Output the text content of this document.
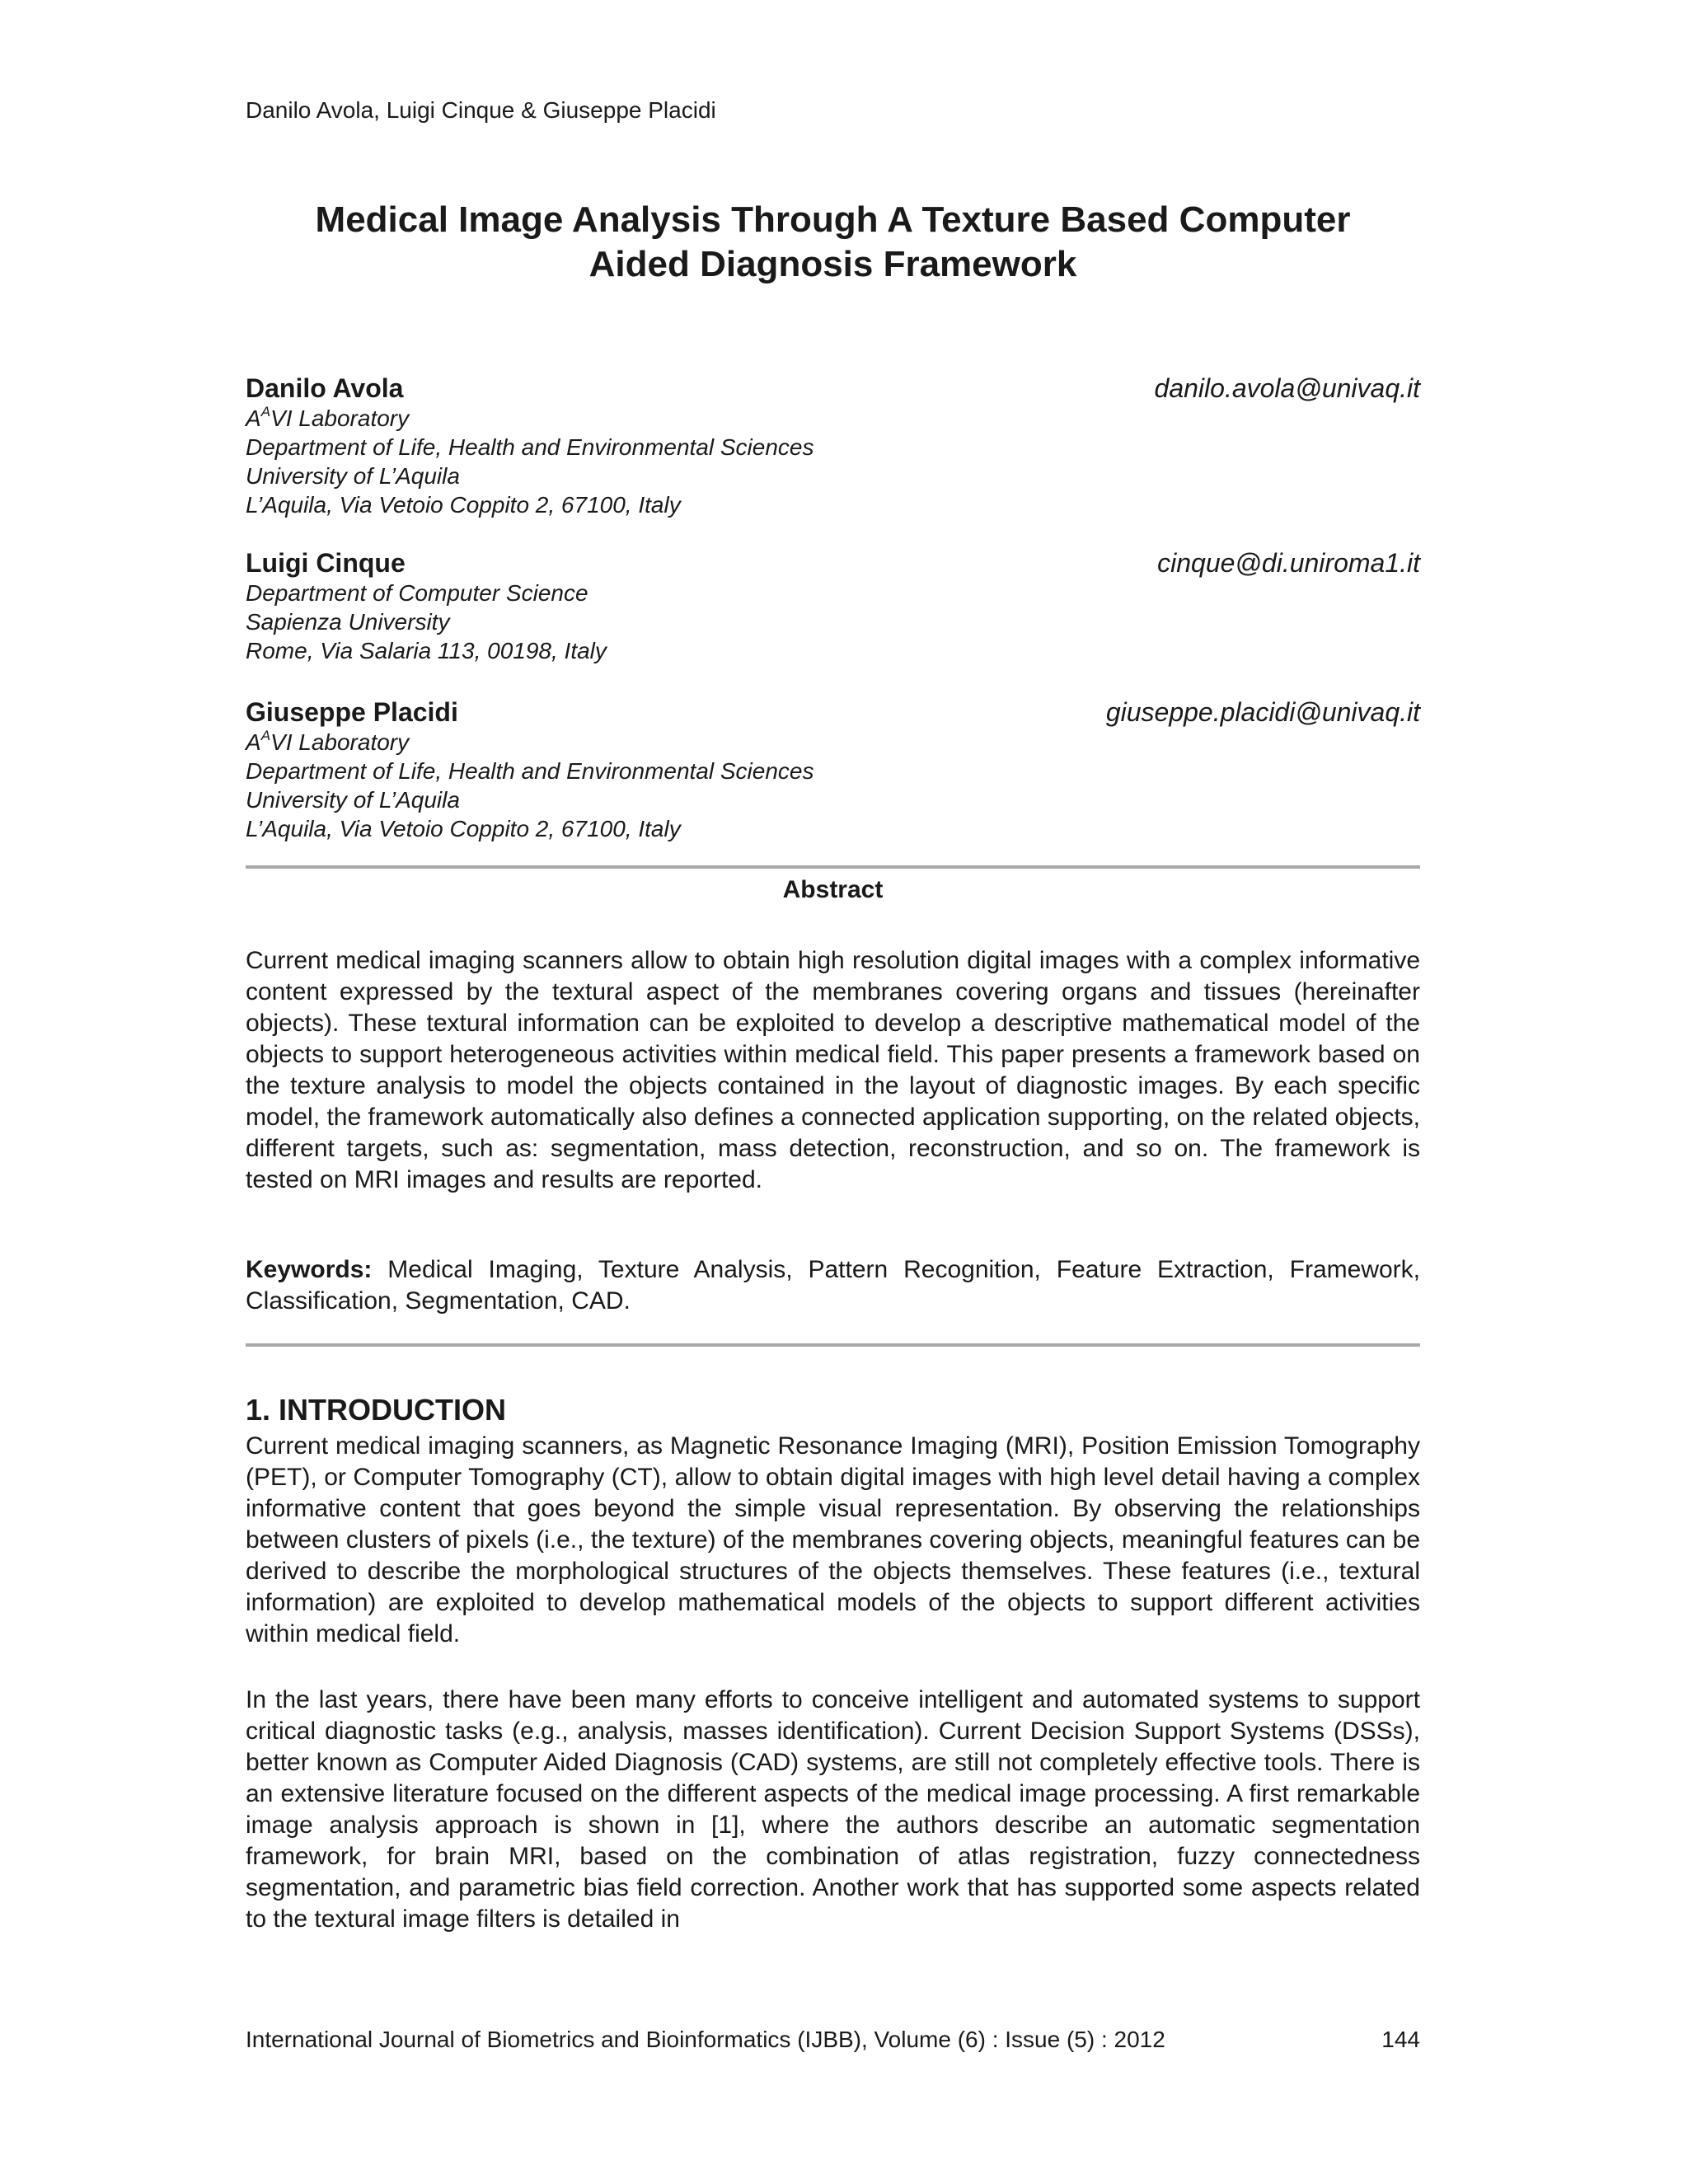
Danilo Avola, Luigi Cinque & Giuseppe Placidi
Medical Image Analysis Through A Texture Based Computer
Aided Diagnosis Framework
Danilo Avola	danilo.avola@univaq.it
$A^AVI$ Laboratory
Department of Life, Health and Environmental Sciences
University of L’Aquila
L’Aquila, Via Vetoio Coppito 2, 67100, Italy
Luigi Cinque	cinque@di.uniroma1.it
Department of Computer Science
Sapienza University
Rome, Via Salaria 113, 00198, Italy
Giuseppe Placidi	giuseppe.placidi@univaq.it
$A^AVI$ Laboratory
Department of Life, Health and Environmental Sciences
University of L’Aquila
L’Aquila, Via Vetoio Coppito 2, 67100, Italy
Abstract
Current medical imaging scanners allow to obtain high resolution digital images with a complex informative content expressed by the textural aspect of the membranes covering organs and tissues (hereinafter objects). These textural information can be exploited to develop a descriptive mathematical model of the objects to support heterogeneous activities within medical field. This paper presents a framework based on the texture analysis to model the objects contained in the layout of diagnostic images. By each specific model, the framework automatically also defines a connected application supporting, on the related objects, different targets, such as: segmentation, mass detection, reconstruction, and so on. The framework is tested on MRI images and results are reported.
Keywords: Medical Imaging, Texture Analysis, Pattern Recognition, Feature Extraction, Framework, Classification, Segmentation, CAD.
1. INTRODUCTION
Current medical imaging scanners, as Magnetic Resonance Imaging (MRI), Position Emission Tomography (PET), or Computer Tomography (CT), allow to obtain digital images with high level detail having a complex informative content that goes beyond the simple visual representation. By observing the relationships between clusters of pixels (i.e., the texture) of the membranes covering objects, meaningful features can be derived to describe the morphological structures of the objects themselves. These features (i.e., textural information) are exploited to develop mathematical models of the objects to support different activities within medical field.
In the last years, there have been many efforts to conceive intelligent and automated systems to support critical diagnostic tasks (e.g., analysis, masses identification). Current Decision Support Systems (DSSs), better known as Computer Aided Diagnosis (CAD) systems, are still not completely effective tools. There is an extensive literature focused on the different aspects of the medical image processing. A first remarkable image analysis approach is shown in [1], where the authors describe an automatic segmentation framework, for brain MRI, based on the combination of atlas registration, fuzzy connectedness segmentation, and parametric bias field correction. Another work that has supported some aspects related to the textural image filters is detailed in
International Journal of Biometrics and Bioinformatics (IJBB), Volume (6) : Issue (5) : 2012	144
